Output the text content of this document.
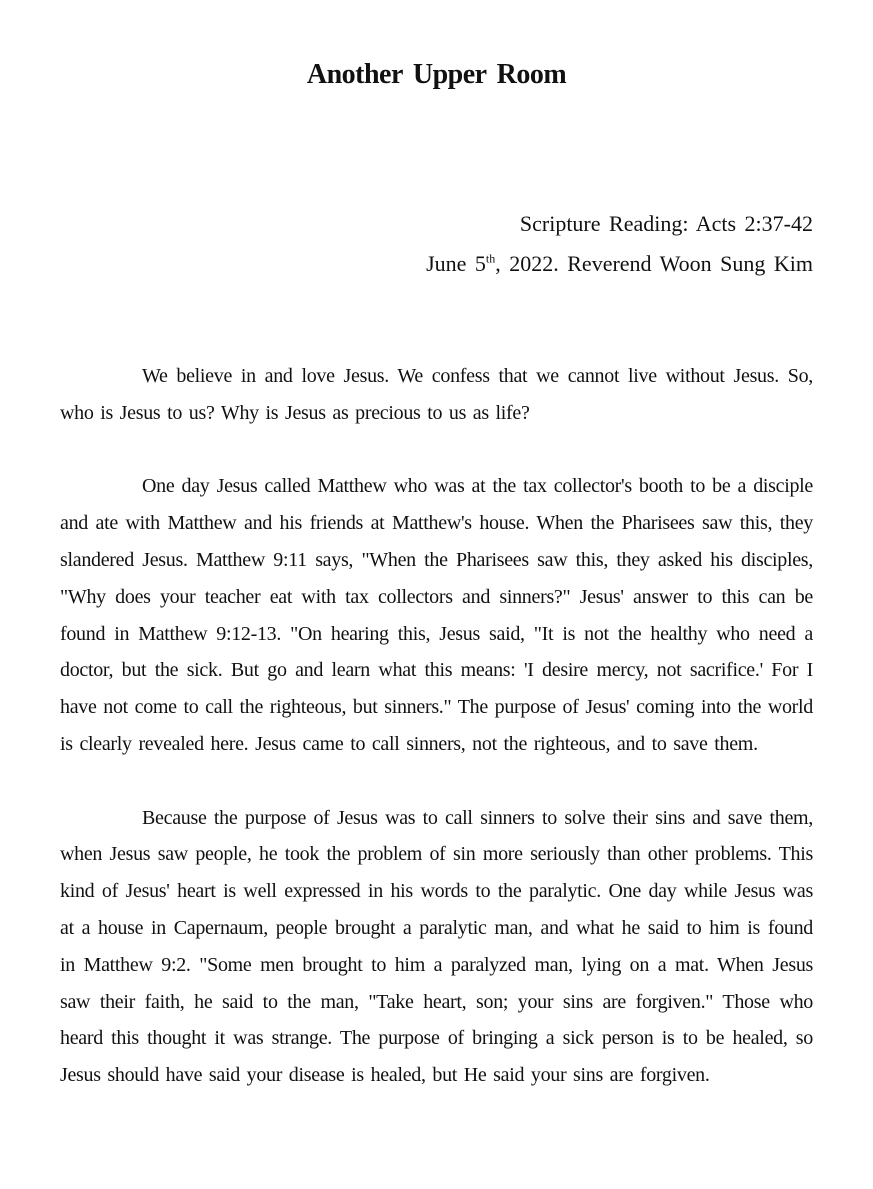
Another Upper Room
Scripture Reading: Acts 2:37-42
June 5th, 2022. Reverend Woon Sung Kim

We believe in and love Jesus. We confess that we cannot live without Jesus. So, who is Jesus to us? Why is Jesus as precious to us as life?

One day Jesus called Matthew who was at the tax collector's booth to be a disciple and ate with Matthew and his friends at Matthew's house. When the Pharisees saw this, they slandered Jesus. Matthew 9:11 says, "When the Pharisees saw this, they asked his disciples, "Why does your teacher eat with tax collectors and sinners?" Jesus' answer to this can be found in Matthew 9:12-13. "On hearing this, Jesus said, "It is not the healthy who need a doctor, but the sick. But go and learn what this means: 'I desire mercy, not sacrifice.' For I have not come to call the righteous, but sinners." The purpose of Jesus' coming into the world is clearly revealed here. Jesus came to call sinners, not the righteous, and to save them.

Because the purpose of Jesus was to call sinners to solve their sins and save them, when Jesus saw people, he took the problem of sin more seriously than other problems. This kind of Jesus' heart is well expressed in his words to the paralytic. One day while Jesus was at a house in Capernaum, people brought a paralytic man, and what he said to him is found in Matthew 9:2. "Some men brought to him a paralyzed man, lying on a mat. When Jesus saw their faith, he said to the man, "Take heart, son; your sins are forgiven." Those who heard this thought it was strange. The purpose of bringing a sick person is to be healed, so Jesus should have said your disease is healed, but He said your sins are forgiven.
